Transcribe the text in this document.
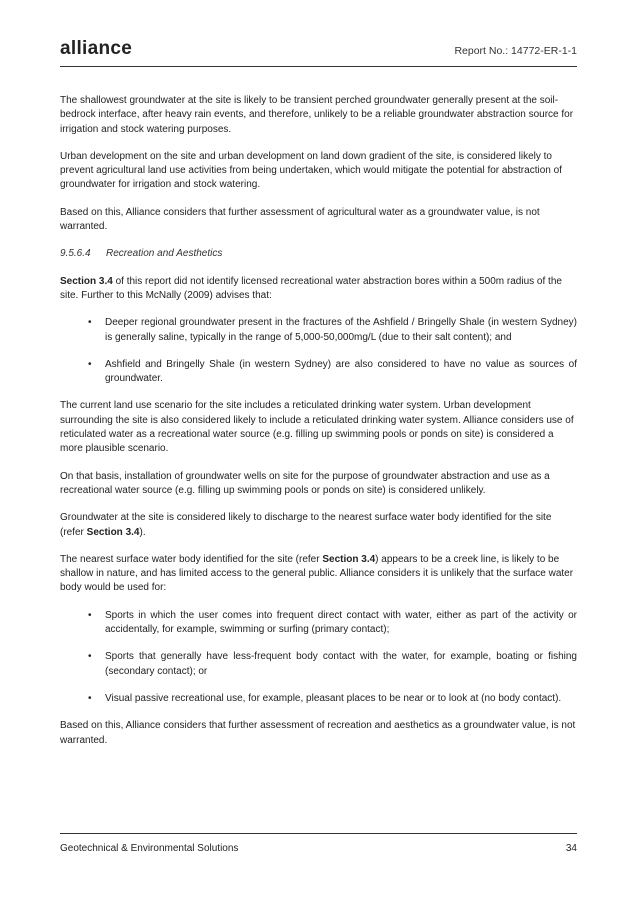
alliance	Report No.: 14772-ER-1-1

The shallowest groundwater at the site is likely to be transient perched groundwater generally present at the soil-bedrock interface, after heavy rain events, and therefore, unlikely to be a reliable groundwater abstraction source for irrigation and stock watering purposes.

Urban development on the site and urban development on land down gradient of the site, is considered likely to prevent agricultural land use activities from being undertaken, which would mitigate the potential for abstraction of groundwater for irrigation and stock watering.

Based on this, Alliance considers that further assessment of agricultural water as a groundwater value, is not warranted.

9.5.6.4 Recreation and Aesthetics

Section 3.4 of this report did not identify licensed recreational water abstraction bores within a 500m radius of the site. Further to this McNally (2009) advises that:

• Deeper regional groundwater present in the fractures of the Ashfield / Bringelly Shale (in western Sydney) is generally saline, typically in the range of 5,000-50,000mg/L (due to their salt content); and
• Ashfield and Bringelly Shale (in western Sydney) are also considered to have no value as sources of groundwater.

The current land use scenario for the site includes a reticulated drinking water system. Urban development surrounding the site is also considered likely to include a reticulated drinking water system. Alliance considers use of reticulated water as a recreational water source (e.g. filling up swimming pools or ponds on site) is considered a more plausible scenario.

On that basis, installation of groundwater wells on site for the purpose of groundwater abstraction and use as a recreational water source (e.g. filling up swimming pools or ponds on site) is considered unlikely.

Groundwater at the site is considered likely to discharge to the nearest surface water body identified for the site (refer Section 3.4).

The nearest surface water body identified for the site (refer Section 3.4) appears to be a creek line, is likely to be shallow in nature, and has limited access to the general public. Alliance considers it is unlikely that the surface water body would be used for:

• Sports in which the user comes into frequent direct contact with water, either as part of the activity or accidentally, for example, swimming or surfing (primary contact);
• Sports that generally have less-frequent body contact with the water, for example, boating or fishing (secondary contact); or
• Visual passive recreational use, for example, pleasant places to be near or to look at (no body contact).

Based on this, Alliance considers that further assessment of recreation and aesthetics as a groundwater value, is not warranted.

Geotechnical & Environmental Solutions	34
